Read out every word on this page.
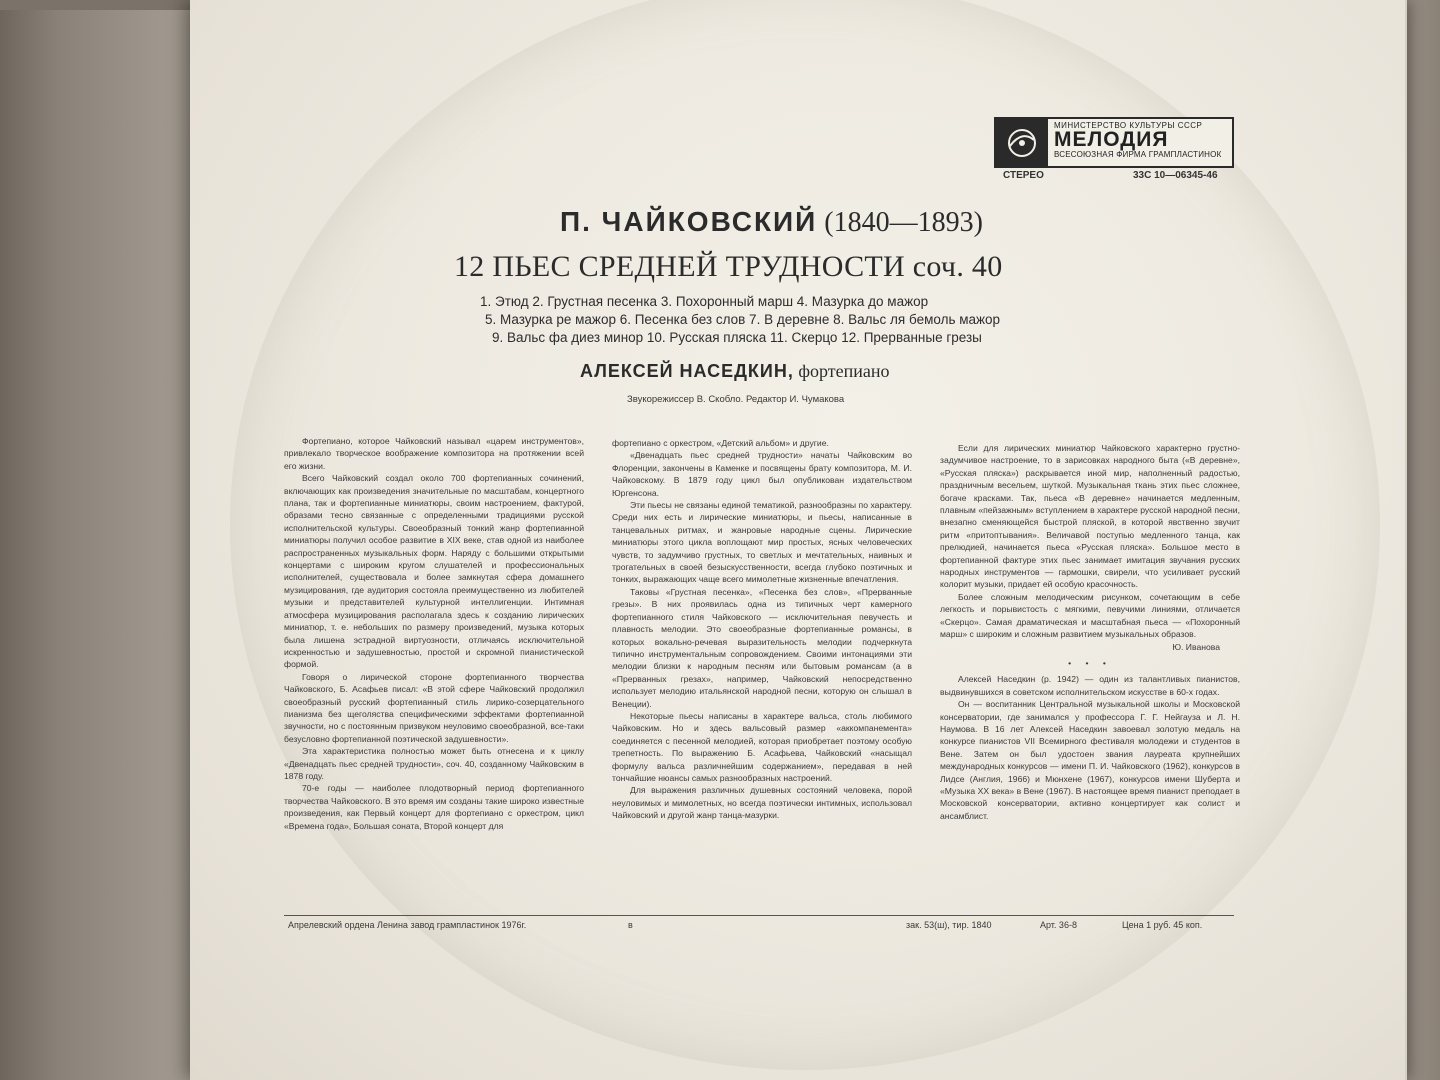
МИНИСТЕРСТВО КУЛЬТУРЫ СССР
МЕЛОДИЯ
ВСЕСОЮЗНАЯ ФИРМА ГРАМПЛАСТИНОК
СТЕРЕО	33С 10—06345-46
П. ЧАЙКОВСКИЙ (1840—1893)
12 ПЬЕС СРЕДНЕЙ ТРУДНОСТИ соч. 40
1. Этюд 2. Грустная песенка 3. Похоронный марш 4. Мазурка до мажор
5. Мазурка ре мажор 6. Песенка без слов 7. В деревне 8. Вальс ля бемоль мажор
9. Вальс фа диез минор 10. Русская пляска 11. Скерцо 12. Прерванные грезы
АЛЕКСЕЙ НАСЕДКИН, фортепиано
Звукорежиссер В. Скобло. Редактор И. Чумакова

Фортепиано, которое Чайковский называл «царем инструментов», привлекало творческое воображение композитора на протяжении всей его жизни.

Всего Чайковский создал около 700 фортепианных сочинений, включающих как произведения значительные по масштабам, концертного плана, так и фортепианные миниатюры, своим настроением, фактурой, образами тесно связанные с определенными традициями русской исполнительской культуры. Своеобразный тонкий жанр фортепианной миниатюры получил особое развитие в XIX веке, став одной из наиболее распространенных музыкальных форм. Наряду с большими открытыми концертами с широким кругом слушателей и профессиональных исполнителей, существовала и более замкнутая сфера домашнего музицирования, где аудитория состояла преимущественно из любителей музыки и представителей культурной интеллигенции. Интимная атмосфера музицирования располагала здесь к созданию лирических миниатюр, т. е. небольших по размеру произведений, музыка которых была лишена эстрадной виртуозности, отличаясь исключительной искренностью и задушевностью, простой и скромной пианистической формой.

Говоря о лирической стороне фортепианного творчества Чайковского, Б. Асафьев писал: «В этой сфере Чайковский продолжил своеобразный русский фортепианный стиль лирико-созерцательного пианизма без щеголяства специфическими эффектами фортепианной звучности, но с постоянным призвуком неуловимо своеобразной, все-таки безусловно фортепианной поэтической задушевности».

Эта характеристика полностью может быть отнесена и к циклу «Двенадцать пьес средней трудности», соч. 40, созданному Чайковским в 1878 году.

70-е годы — наиболее плодотворный период фортепианного творчества Чайковского. В это время им созданы такие широко известные произведения, как Первый концерт для фортепиано с оркестром, цикл «Времена года», Большая соната, Второй концерт для

фортепиано с оркестром, «Детский альбом» и другие.

«Двенадцать пьес средней трудности» начаты Чайковским во Флоренции, закончены в Каменке и посвящены брату композитора, М. И. Чайковскому. В 1879 году цикл был опубликован издательством Юргенсона.

Эти пьесы не связаны единой тематикой, разнообразны по характеру. Среди них есть и лирические миниатюры, и пьесы, написанные в танцевальных ритмах, и жанровые народные сцены. Лирические миниатюры этого цикла воплощают мир простых, ясных человеческих чувств, то задумчиво грустных, то светлых и мечтательных, наивных и трогательных в своей безыскусственности, всегда глубоко поэтичных и тонких, выражающих чаще всего мимолетные жизненные впечатления.

Таковы «Грустная песенка», «Песенка без слов», «Прерванные грезы». В них проявилась одна из типичных черт камерного фортепианного стиля Чайковского — исключительная певучесть и плавность мелодии. Это своеобразные фортепианные романсы, в которых вокально-речевая выразительность мелодии подчеркнута типично инструментальным сопровождением. Своими интонациями эти мелодии близки к народным песням или бытовым романсам (а в «Прерванных грезах», например, Чайковский непосредственно использует мелодию итальянской народной песни, которую он слышал в Венеции).

Некоторые пьесы написаны в характере вальса, столь любимого Чайковским. Но и здесь вальсовый размер «аккомпанемента» соединяется с песенной мелодией, которая приобретает поэтому особую трепетность. По выражению Б. Асафьева, Чайковский «насыщал формулу вальса различнейшим содержанием», передавая в ней тончайшие нюансы самых разнообразных настроений.

Для выражения различных душевных состояний человека, порой неуловимых и мимолетных, но всегда поэтически интимных, использовал Чайковский и другой жанр танца-мазурки.

Если для лирических миниатюр Чайковского характерно грустно-задумчивое настроение, то в зарисовках народного быта («В деревне», «Русская пляска») раскрывается иной мир, наполненный радостью, праздничным весельем, шуткой. Музыкальная ткань этих пьес сложнее, богаче красками. Так, пьеса «В деревне» начинается медленным, плавным «пейзажным» вступлением в характере русской народной песни, внезапно сменяющейся быстрой пляской, в которой явственно звучит ритм «притоптывания». Величавой поступью медленного танца, как прелюдией, начинается пьеса «Русская пляска». Большое место в фортепианной фактуре этих пьес занимает имитация звучания русских народных инструментов — гармошки, свирели, что усиливает русский колорит музыки, придает ей особую красочность.

Более сложным мелодическим рисунком, сочетающим в себе легкость и порывистость с мягкими, певучими линиями, отличается «Скерцо». Самая драматическая и масштабная пьеса — «Похоронный марш» с широким и сложным развитием музыкальных образов.

Ю. Иванова

• • •

Алексей Наседкин (р. 1942) — один из талантливых пианистов, выдвинувшихся в советском исполнительском искусстве в 60-х годах.

Он — воспитанник Центральной музыкальной школы и Московской консерватории, где занимался у профессора Г. Г. Нейгауза и Л. Н. Наумова. В 16 лет Алексей Наседкин завоевал золотую медаль на конкурсе пианистов VII Всемирного фестиваля молодежи и студентов в Вене. Затем он был удостоен звания лауреата крупнейших международных конкурсов — имени П. И. Чайковского (1962), конкурсов в Лидсе (Англия, 1966) и Мюнхене (1967), конкурсов имени Шуберта и «Музыка XX века» в Вене (1967). В настоящее время пианист преподает в Московской консерватории, активно концертирует как солист и ансамблист.

Апрелевский ордена Ленина завод грампластинок 1976г.	в	зак. 53(ш), тир. 1840	Арт. 36-8	Цена 1 руб. 45 коп.
